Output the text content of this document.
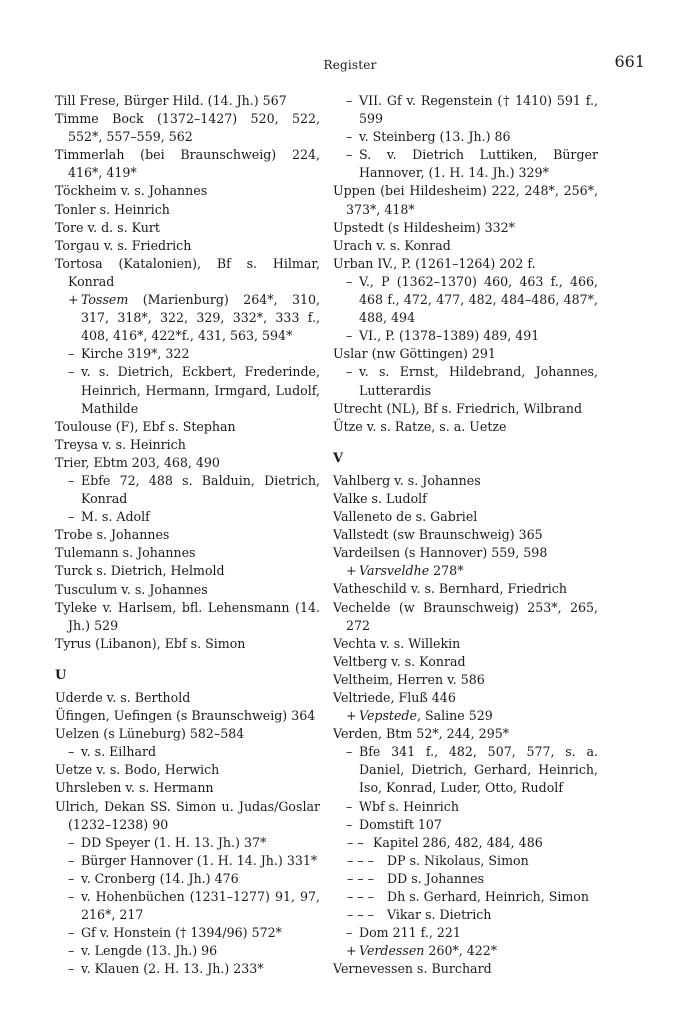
Register	661
Till Frese, Bürger Hild. (14. Jh.) 567
Timme Bock (1372–1427) 520, 522, 552*, 557–559, 562
Timmerlah (bei Braunschweig) 224, 416*, 419*
Töckheim v. s. Johannes
Tonler s. Heinrich
Tore v. d. s. Kurt
Torgau v. s. Friedrich
Tortosa (Katalonien), Bf s. Hilmar, Konrad
+ Tossem (Marienburg) 264*, 310, 317, 318*, 322, 329, 332*, 333 f., 408, 416*, 422*f., 431, 563, 594*
– Kirche 319*, 322
– v. s. Dietrich, Eckbert, Frederinde, Heinrich, Hermann, Irmgard, Ludolf, Mathilde
Toulouse (F), Ebf s. Stephan
Treysa v. s. Heinrich
Trier, Ebtm 203, 468, 490
– Ebfe 72, 488 s. Balduin, Dietrich, Konrad
– M. s. Adolf
Trobe s. Johannes
Tulemann s. Johannes
Turck s. Dietrich, Helmold
Tusculum v. s. Johannes
Tyleke v. Harlsem, bfl. Lehensmann (14. Jh.) 529
Tyrus (Libanon), Ebf s. Simon
U
Uderde v. s. Berthold
Üfingen, Uefingen (s Braunschweig) 364
Uelzen (s Lüneburg) 582–584
– v. s. Eilhard
Uetze v. s. Bodo, Herwich
Uhrsleben v. s. Hermann
Ulrich, Dekan SS. Simon u. Judas/Goslar (1232–1238) 90
– DD Speyer (1. H. 13. Jh.) 37*
– Bürger Hannover (1. H. 14. Jh.) 331*
– v. Cronberg (14. Jh.) 476
– v. Hohenbüchen (1231–1277) 91, 97, 216*, 217
– Gf v. Honstein († 1394/96) 572*
– v. Lengde (13. Jh.) 96
– v. Klauen (2. H. 13. Jh.) 233*
– VII. Gf v. Regenstein († 1410) 591 f., 599
– v. Steinberg (13. Jh.) 86
– S. v. Dietrich Luttiken, Bürger Hannover, (1. H. 14. Jh.) 329*
Uppen (bei Hildesheim) 222, 248*, 256*, 373*, 418*
Upstedt (s Hildesheim) 332*
Urach v. s. Konrad
Urban IV., P. (1261–1264) 202 f.
– V., P (1362–1370) 460, 463 f., 466, 468 f., 472, 477, 482, 484–486, 487*, 488, 494
– VI., P. (1378–1389) 489, 491
Uslar (nw Göttingen) 291
– v. s. Ernst, Hildebrand, Johannes, Lutterardis
Utrecht (NL), Bf s. Friedrich, Wilbrand
Ütze v. s. Ratze, s. a. Uetze
V
Vahlberg v. s. Johannes
Valke s. Ludolf
Valleneto de s. Gabriel
Vallstedt (sw Braunschweig) 365
Vardeilsen (s Hannover) 559, 598
+ Varsveldhe 278*
Vatheschild v. s. Bernhard, Friedrich
Vechelde (w Braunschweig) 253*, 265, 272
Vechta v. s. Willekin
Veltberg v. s. Konrad
Veltheim, Herren v. 586
Veltriede, Fluß 446
+ Vepstede, Saline 529
Verden, Btm 52*, 244, 295*
– Bfe 341 f., 482, 507, 577, s. a. Daniel, Dietrich, Gerhard, Heinrich, Iso, Konrad, Luder, Otto, Rudolf
– Wbf s. Heinrich
– Domstift 107
– – Kapitel 286, 482, 484, 486
– – – DP s. Nikolaus, Simon
– – – DD s. Johannes
– – – Dh s. Gerhard, Heinrich, Simon
– – – Vikar s. Dietrich
– Dom 211 f., 221
+ Verdessen 260*, 422*
Vernevessen s. Burchard
